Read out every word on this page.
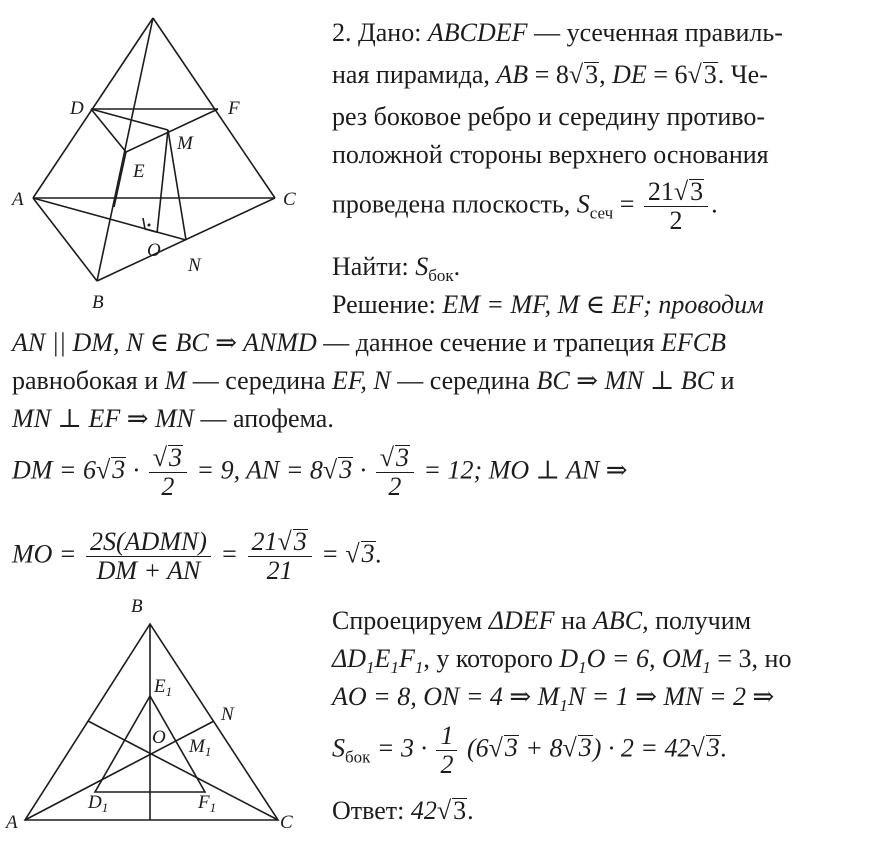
D	F
M
E
A	C
O
N
B
B
$E_1$
N
O $M_1$
$D_1$	$F_1$
A	C
2. Дано: ABCDEF — усеченная правиль-
ная пирамида, AB = 8√3, DE = 6√3. Че-
рез боковое ребро и середину противо-
положной стороны верхнего основания
проведена плоскость, $S_{сеч} = \frac{21√3}{2}$ .
Найти: $S_{бок}$.
Решение: EM = MF, M ∈ EF; проводим
AN || DM, N ∈ BC ⇒ ANMD — данное сечение и трапеция EFCB
равнобокая и M — середина EF, N — середина BC ⇒ MN ⊥ BC и
MN ⊥ EF ⇒ MN — апофема.
DM = $6√3 \cdot \frac{√3}{2} = 9$, AN = $8√3 \cdot \frac{√3}{2} = 12$; MO ⊥ AN ⇒
MO = $\frac{\text{2S(ADMN)}}{DM + AN} = \frac{21√3}{21} = √3$.
Спроецируем ΔDEF на ABC, получим
$\Delta D_1E_1F_1$, у которого $D_1O = 6$, $OM_1 = 3$, но
AO = 8, ON = 4 ⇒ $M_1N = 1$ ⇒ MN = 2 ⇒
$S_{бок} = 3 \cdot \frac{1}{2} (6√3 + 8√3) \cdot 2 = 42√3$.
Ответ: 42√3.
